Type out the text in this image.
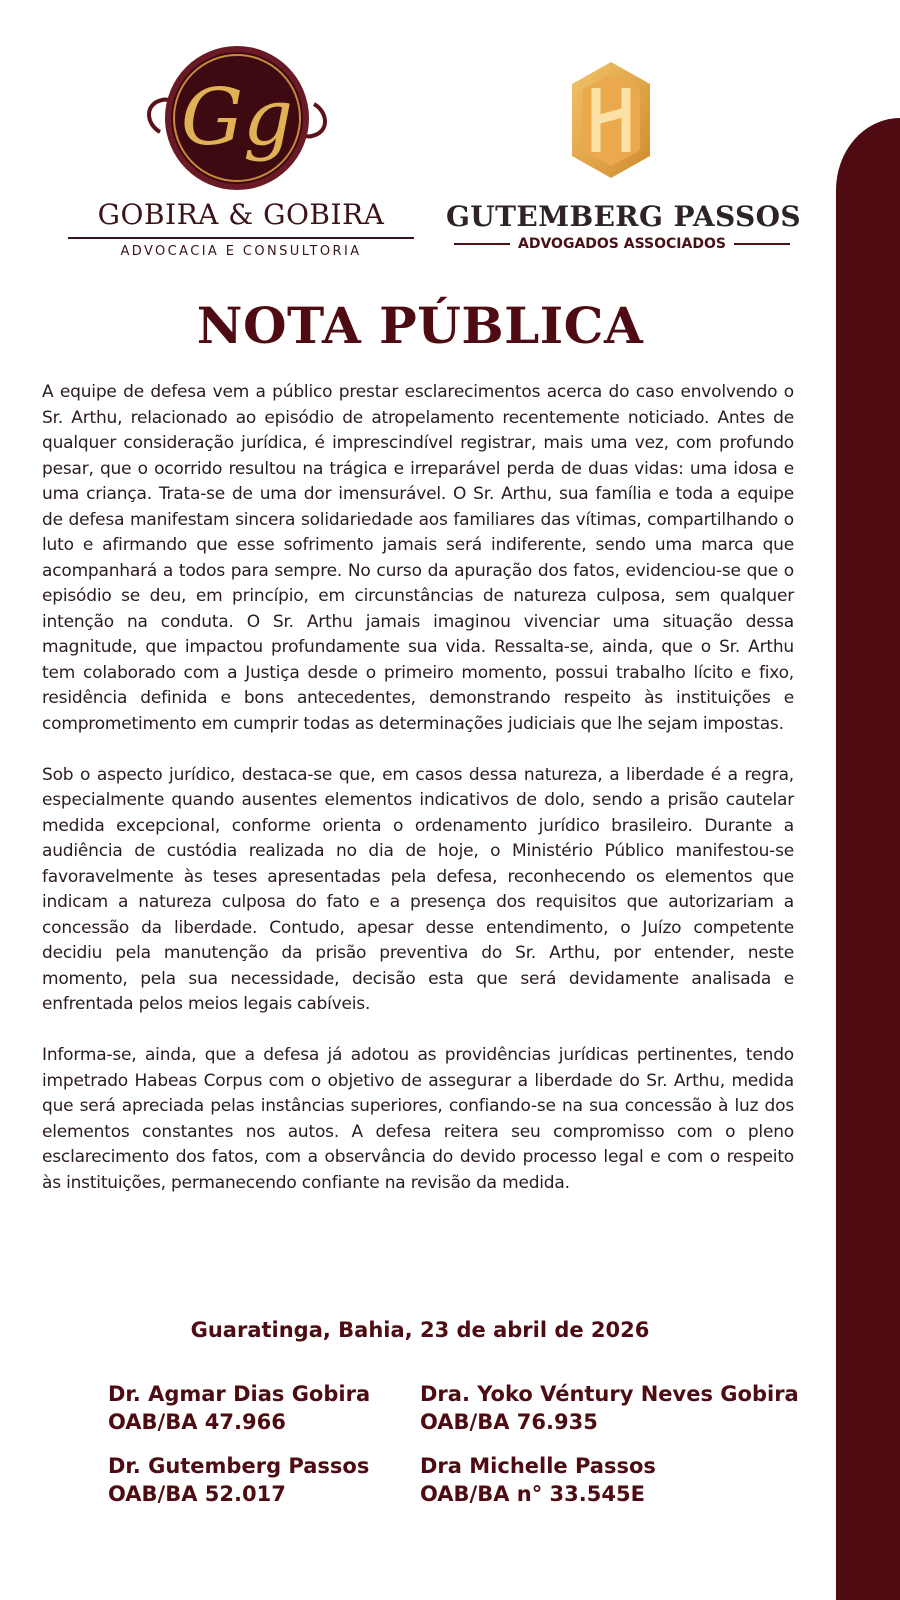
Gg
GOBIRA & GOBIRA
ADVOCACIA E CONSULTORIA
GUTEMBERG PASSOS
ADVOGADOS ASSOCIADOS
NOTA PÚBLICA

A equipe de defesa vem a público prestar esclarecimentos acerca do caso envolvendo o Sr. Arthu, relacionado ao episódio de atropelamento recentemente noticiado. Antes de qualquer consideração jurídica, é imprescindível registrar, mais uma vez, com profundo pesar, que o ocorrido resultou na trágica e irreparável perda de duas vidas: uma idosa e uma criança. Trata-se de uma dor imensurável. O Sr. Arthu, sua família e toda a equipe de defesa manifestam sincera solidariedade aos familiares das vítimas, compartilhando o luto e afirmando que esse sofrimento jamais será indiferente, sendo uma marca que acompanhará a todos para sempre. No curso da apuração dos fatos, evidenciou-se que o episódio se deu, em princípio, em circunstâncias de natureza culposa, sem qualquer intenção na conduta. O Sr. Arthu jamais imaginou vivenciar uma situação dessa magnitude, que impactou profundamente sua vida. Ressalta-se, ainda, que o Sr. Arthu tem colaborado com a Justiça desde o primeiro momento, possui trabalho lícito e fixo, residência definida e bons antecedentes, demonstrando respeito às instituições e comprometimento em cumprir todas as determinações judiciais que lhe sejam impostas.

Sob o aspecto jurídico, destaca-se que, em casos dessa natureza, a liberdade é a regra, especialmente quando ausentes elementos indicativos de dolo, sendo a prisão cautelar medida excepcional, conforme orienta o ordenamento jurídico brasileiro. Durante a audiência de custódia realizada no dia de hoje, o Ministério Público manifestou-se favoravelmente às teses apresentadas pela defesa, reconhecendo os elementos que indicam a natureza culposa do fato e a presença dos requisitos que autorizariam a concessão da liberdade. Contudo, apesar desse entendimento, o Juízo competente decidiu pela manutenção da prisão preventiva do Sr. Arthu, por entender, neste momento, pela sua necessidade, decisão esta que será devidamente analisada e enfrentada pelos meios legais cabíveis.

Informa-se, ainda, que a defesa já adotou as providências jurídicas pertinentes, tendo impetrado Habeas Corpus com o objetivo de assegurar a liberdade do Sr. Arthu, medida que será apreciada pelas instâncias superiores, confiando-se na sua concessão à luz dos elementos constantes nos autos. A defesa reitera seu compromisso com o pleno esclarecimento dos fatos, com a observância do devido processo legal e com o respeito às instituições, permanecendo confiante na revisão da medida.

Guaratinga, Bahia, 23 de abril de 2026
Dr. Agmar Dias Gobira
OAB/BA 47.966
Dra. Yoko Véntury Neves Gobira
OAB/BA 76.935
Dr. Gutemberg Passos
OAB/BA 52.017
Dra Michelle Passos
OAB/BA n° 33.545E
